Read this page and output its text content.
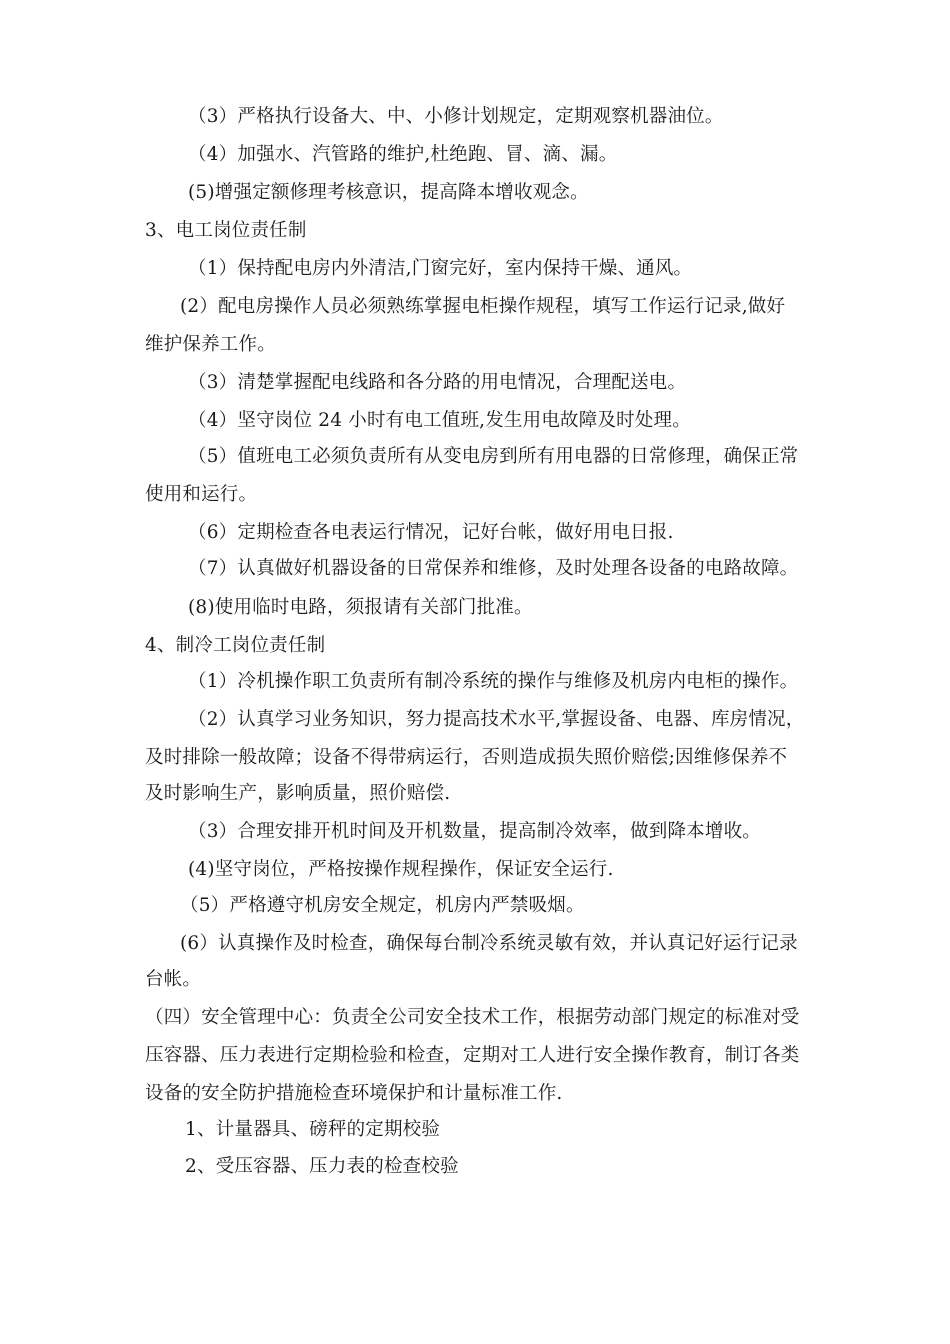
（3）严格执行设备大、中、小修计划规定，定期观察机器油位。
（4）加强水、汽管路的维护,杜绝跑、冒、滴、漏。
(5)增强定额修理考核意识，提高降本增收观念。
3、电工岗位责任制
（1）保持配电房内外清洁,门窗完好，室内保持干燥、通风。
(2）配电房操作人员必须熟练掌握电柜操作规程，填写工作运行记录,做好
维护保养工作。
（3）清楚掌握配电线路和各分路的用电情况，合理配送电。
（4）坚守岗位 24 小时有电工值班,发生用电故障及时处理。
（5）值班电工必须负责所有从变电房到所有用电器的日常修理，确保正常
使用和运行。
（6）定期检查各电表运行情况，记好台帐，做好用电日报.
（7）认真做好机器设备的日常保养和维修，及时处理各设备的电路故障。
(8)使用临时电路，须报请有关部门批准。
4、制冷工岗位责任制
（1）冷机操作职工负责所有制冷系统的操作与维修及机房内电柜的操作。
（2）认真学习业务知识，努力提高技术水平,掌握设备、电器、库房情况，
及时排除一般故障；设备不得带病运行，否则造成损失照价赔偿;因维修保养不
及时影响生产，影响质量，照价赔偿.
（3）合理安排开机时间及开机数量，提高制冷效率，做到降本增收。
(4)坚守岗位，严格按操作规程操作，保证安全运行.
（5）严格遵守机房安全规定，机房内严禁吸烟。
(6）认真操作及时检查，确保每台制冷系统灵敏有效，并认真记好运行记录
台帐。
（四）安全管理中心：负责全公司安全技术工作，根据劳动部门规定的标准对受
压容器、压力表进行定期检验和检查，定期对工人进行安全操作教育，制订各类
设备的安全防护措施检查环境保护和计量标准工作.
1、计量器具、磅秤的定期校验
2、受压容器、压力表的检查校验
